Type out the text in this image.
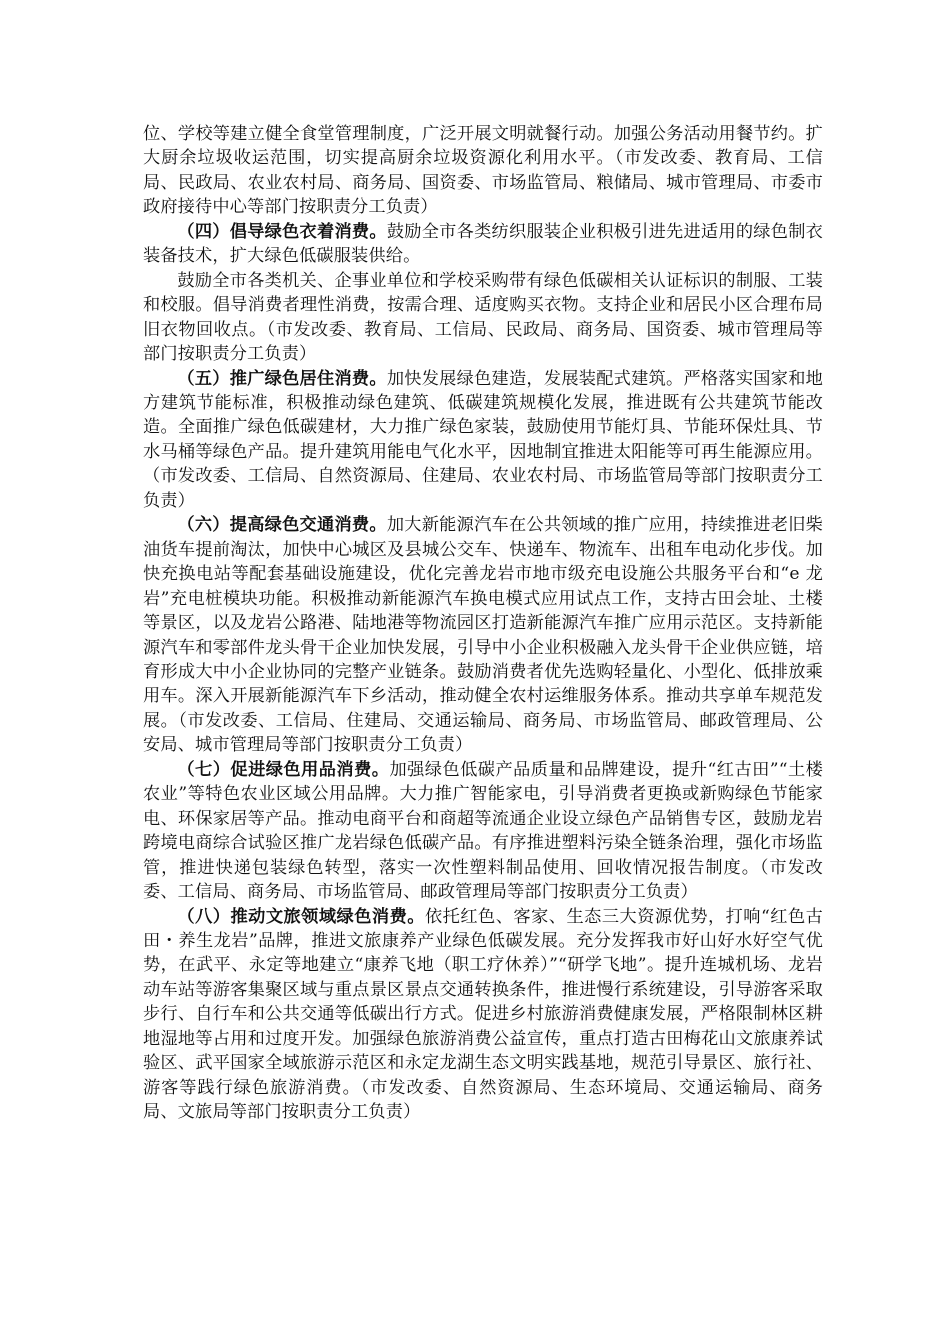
位、学校等建立健全食堂管理制度，广泛开展文明就餐行动。加强公务活动用餐节约。扩大厨余垃圾收运范围，切实提高厨余垃圾资源化利用水平。（市发改委、教育局、工信局、民政局、农业农村局、商务局、国资委、市场监管局、粮储局、城市管理局、市委市政府接待中心等部门按职责分工负责）

（四）倡导绿色衣着消费。鼓励全市各类纺织服装企业积极引进先进适用的绿色制衣装备技术，扩大绿色低碳服装供给。

鼓励全市各类机关、企事业单位和学校采购带有绿色低碳相关认证标识的制服、工装和校服。倡导消费者理性消费，按需合理、适度购买衣物。支持企业和居民小区合理布局旧衣物回收点。（市发改委、教育局、工信局、民政局、商务局、国资委、城市管理局等部门按职责分工负责）

（五）推广绿色居住消费。加快发展绿色建造，发展装配式建筑。严格落实国家和地方建筑节能标准，积极推动绿色建筑、低碳建筑规模化发展，推进既有公共建筑节能改造。全面推广绿色低碳建材，大力推广绿色家装，鼓励使用节能灯具、节能环保灶具、节水马桶等绿色产品。提升建筑用能电气化水平，因地制宜推进太阳能等可再生能源应用。（市发改委、工信局、自然资源局、住建局、农业农村局、市场监管局等部门按职责分工负责）

（六）提高绿色交通消费。加大新能源汽车在公共领域的推广应用，持续推进老旧柴油货车提前淘汰，加快中心城区及县城公交车、快递车、物流车、出租车电动化步伐。加快充换电站等配套基础设施建设，优化完善龙岩市地市级充电设施公共服务平台和“e 龙岩”充电桩模块功能。积极推动新能源汽车换电模式应用试点工作，支持古田会址、土楼等景区，以及龙岩公路港、陆地港等物流园区打造新能源汽车推广应用示范区。支持新能源汽车和零部件龙头骨干企业加快发展，引导中小企业积极融入龙头骨干企业供应链，培育形成大中小企业协同的完整产业链条。鼓励消费者优先选购轻量化、小型化、低排放乘用车。深入开展新能源汽车下乡活动，推动健全农村运维服务体系。推动共享单车规范发展。（市发改委、工信局、住建局、交通运输局、商务局、市场监管局、邮政管理局、公安局、城市管理局等部门按职责分工负责）

（七）促进绿色用品消费。加强绿色低碳产品质量和品牌建设，提升“红古田”“土楼农业”等特色农业区域公用品牌。大力推广智能家电，引导消费者更换或新购绿色节能家电、环保家居等产品。推动电商平台和商超等流通企业设立绿色产品销售专区，鼓励龙岩跨境电商综合试验区推广龙岩绿色低碳产品。有序推进塑料污染全链条治理，强化市场监管，推进快递包装绿色转型，落实一次性塑料制品使用、回收情况报告制度。（市发改委、工信局、商务局、市场监管局、邮政管理局等部门按职责分工负责）

（八）推动文旅领域绿色消费。依托红色、客家、生态三大资源优势，打响“红色古田・养生龙岩”品牌，推进文旅康养产业绿色低碳发展。充分发挥我市好山好水好空气优势，在武平、永定等地建立“康养飞地（职工疗休养）”“研学飞地”。提升连城机场、龙岩动车站等游客集聚区域与重点景区景点交通转换条件，推进慢行系统建设，引导游客采取步行、自行车和公共交通等低碳出行方式。促进乡村旅游消费健康发展，严格限制林区耕地湿地等占用和过度开发。加强绿色旅游消费公益宣传，重点打造古田梅花山文旅康养试验区、武平国家全域旅游示范区和永定龙湖生态文明实践基地，规范引导景区、旅行社、游客等践行绿色旅游消费。（市发改委、自然资源局、生态环境局、交通运输局、商务局、文旅局等部门按职责分工负责）
